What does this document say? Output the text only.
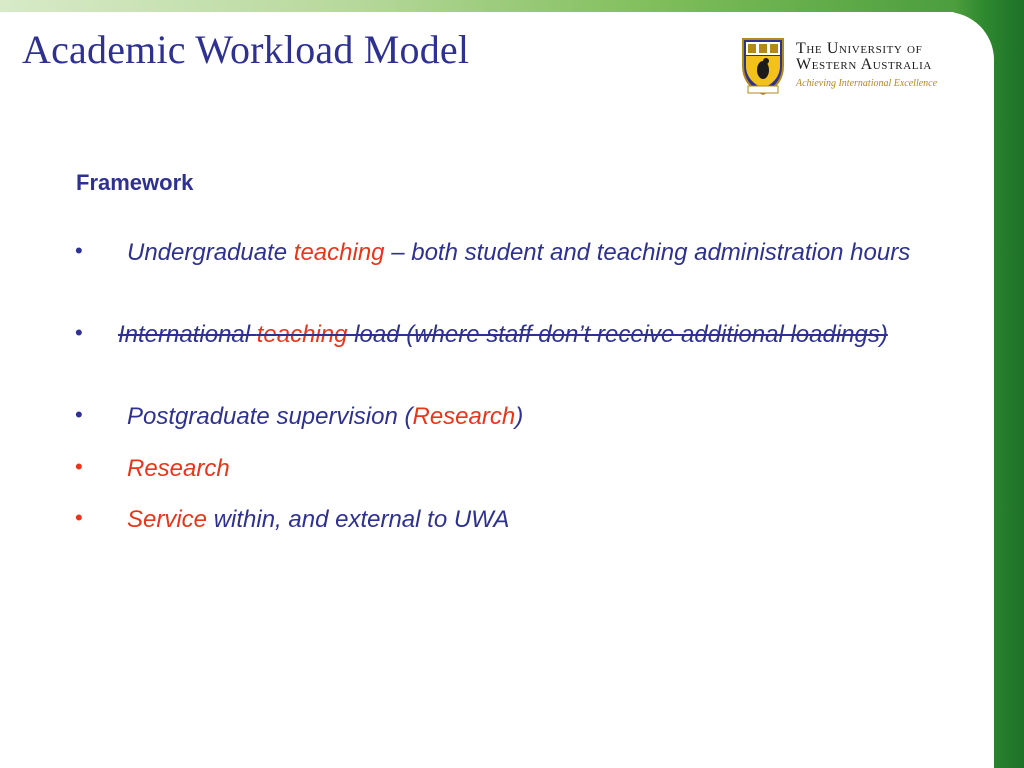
Academic Workload Model	The University of
Western Australia
Achieving International Excellence
Framework
• Undergraduate teaching – both student and teaching administration hours
• International teaching load (where staff don’t receive additional loadings)
• Postgraduate supervision (Research)
• Research
• Service within, and external to UWA
